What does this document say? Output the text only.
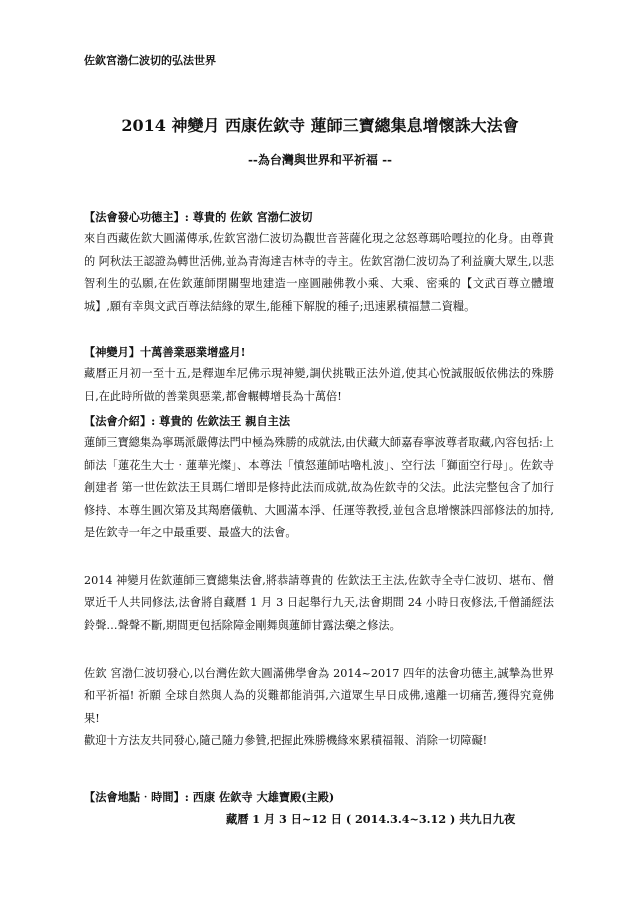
佐欽宮渤仁波切的弘法世界
2014 神變月 西康佐欽寺 蓮師三寶總集息增懷誅大法會
--為台灣與世界和平祈福 --
【法會發心功德主】: 尊貴的 佐欽 宮渤仁波切

來自西藏佐欽大圓滿傳承,佐欽宮渤仁波切為觀世音菩薩化現之忿怒尊瑪哈嘎拉的化身。由尊貴的 阿秋法王認證為轉世活佛,並為青海達吉林寺的寺主。佐欽宮渤仁波切為了利益廣大眾生,以悲智利生的弘願,在佐欽蓮師閉關聖地建造一座圓融佛教小乘、大乘、密乘的【文武百尊立體壇城】,願有幸與文武百尊法結緣的眾生,能種下解脫的種子;迅速累積福慧二資糧。

【神變月】十萬善業惡業增盛月!

藏曆正月初一至十五,是釋迦牟尼佛示現神變,調伏挑戰正法外道,使其心悅誠服皈依佛法的殊勝日,在此時所做的善業與惡業,都會輾轉增長為十萬倍!

【法會介紹】: 尊貴的 佐欽法王 親自主法

蓮師三寶總集為寧瑪派嚴傳法門中極為殊勝的成就法,由伏藏大師嘉春寧波尊者取藏,內容包括:上師法「蓮花生大士‧蓮華光燦」、本尊法「憤怒蓮師咕嚕札波」、空行法「獅面空行母」。佐欽寺創建者 第一世佐欽法王貝瑪仁增即是修持此法而成就,故為佐欽寺的父法。此法完整包含了加行修持、本尊生圓次第及其羯磨儀軌、大圓滿本淨、任運等教授,並包含息增懷誅四部修法的加持,是佐欽寺一年之中最重要、最盛大的法會。

2014 神變月佐欽蓮師三寶總集法會,將恭請尊貴的 佐欽法王主法,佐欽寺全寺仁波切、堪布、僧眾近千人共同修法,法會將自藏曆 1 月 3 日起舉行九天,法會期間 24 小時日夜修法,千僧誦經法鈴聲…聲聲不斷,期間更包括除障金剛舞與蓮師甘露法藥之修法。

佐欽 宮渤仁波切發心,以台灣佐欽大圓滿佛學會為 2014~2017 四年的法會功德主,誠摯為世界和平祈福! 祈願 全球自然與人為的災難都能消弭,六道眾生早日成佛,遠離一切痛苦,獲得究竟佛果!

歡迎十方法友共同發心,隨己隨力參贊,把握此殊勝機緣來累積福報、消除一切障礙!

【法會地點‧時間】: 西康 佐欽寺 大雄寶殿(主殿)
藏曆 1 月 3 日~12 日 ( 2014.3.4~3.12 ) 共九日九夜
